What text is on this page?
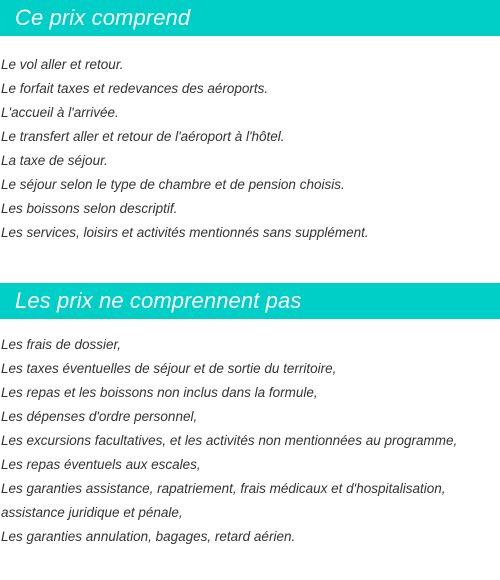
Ce prix comprend
Le vol aller et retour.
Le forfait taxes et redevances des aéroports.
L'accueil à l'arrivée.
Le transfert aller et retour de l'aéroport à l'hôtel.
La taxe de séjour.
Le séjour selon le type de chambre et de pension choisis.
Les boissons selon descriptif.
Les services, loisirs et activités mentionnés sans supplément.
Les prix ne comprennent pas
Les frais de dossier,
Les taxes éventuelles de séjour et de sortie du territoire,
Les repas et les boissons non inclus dans la formule,
Les dépenses d'ordre personnel,
Les excursions facultatives, et les activités non mentionnées au programme,
Les repas éventuels aux escales,
Les garanties assistance, rapatriement, frais médicaux et d'hospitalisation,
assistance juridique et pénale,
Les garanties annulation, bagages, retard aérien.
